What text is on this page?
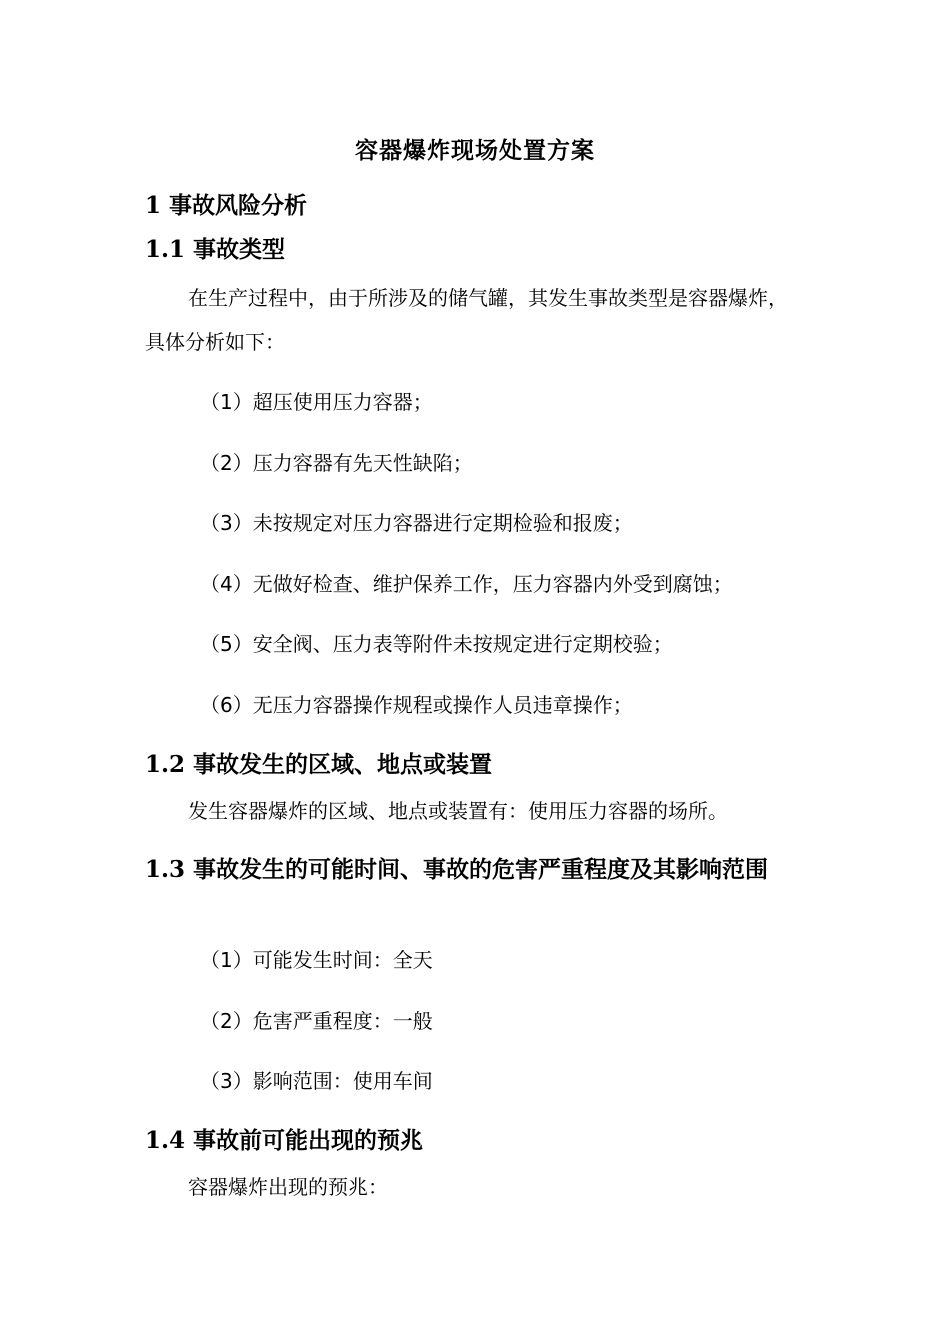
容器爆炸现场处置方案
1 事故风险分析
1.1 事故类型
在生产过程中，由于所涉及的储气罐，其发生事故类型是容器爆炸，具体分析如下：
（1）超压使用压力容器；
（2）压力容器有先天性缺陷；
（3）未按规定对压力容器进行定期检验和报废；
（4）无做好检查、维护保养工作，压力容器内外受到腐蚀；
（5）安全阀、压力表等附件未按规定进行定期校验；
（6）无压力容器操作规程或操作人员违章操作；
1.2 事故发生的区域、地点或装置
发生容器爆炸的区域、地点或装置有：使用压力容器的场所。
1.3 事故发生的可能时间、事故的危害严重程度及其影响范围
（1）可能发生时间：全天
（2）危害严重程度：一般
（3）影响范围：使用车间
1.4 事故前可能出现的预兆
容器爆炸出现的预兆：
